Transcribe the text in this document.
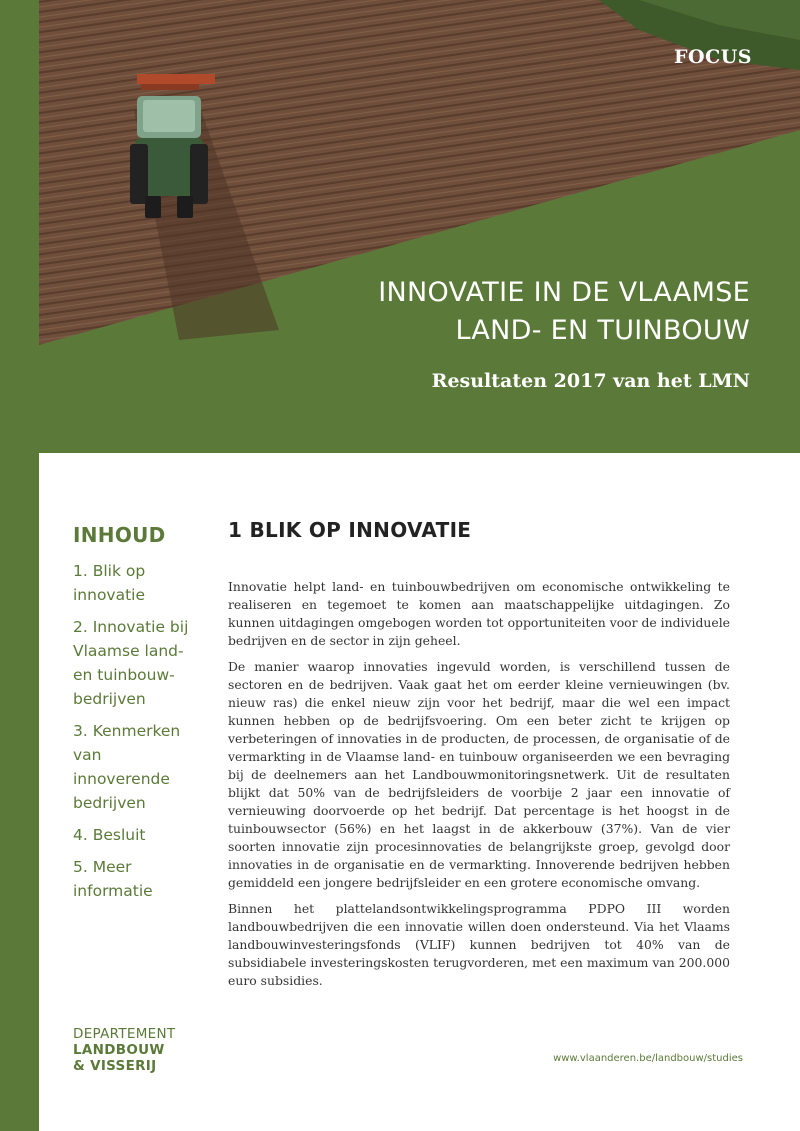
FOCUS
INNOVATIE IN DE VLAAMSE
LAND- EN TUINBOUW
Resultaten 2017 van het LMN
INHOUD
1. Blik op innovatie
2. Innovatie bij Vlaamse land- en tuinbouw-bedrijven
3. Kenmerken van innoverende bedrijven
4. Besluit
5. Meer informatie
1 BLIK OP INNOVATIE

Innovatie helpt land- en tuinbouwbedrijven om economische ontwikkeling te realiseren en tegemoet te komen aan maatschappelijke uitdagingen. Zo kunnen uitdagingen omgebogen worden tot opportuniteiten voor de individuele bedrijven en de sector in zijn geheel.

De manier waarop innovaties ingevuld worden, is verschillend tussen de sectoren en de bedrijven. Vaak gaat het om eerder kleine vernieuwingen (bv. nieuw ras) die enkel nieuw zijn voor het bedrijf, maar die wel een impact kunnen hebben op de bedrijfsvoering. Om een beter zicht te krijgen op verbeteringen of innovaties in de producten, de processen, de organisatie of de vermarkting in de Vlaamse land- en tuinbouw organiseerden we een bevraging bij de deelnemers aan het Landbouwmonitoringsnetwerk. Uit de resultaten blijkt dat 50% van de bedrijfsleiders de voorbije 2 jaar een innovatie of vernieuwing doorvoerde op het bedrijf. Dat percentage is het hoogst in de tuinbouwsector (56%) en het laagst in de akkerbouw (37%). Van de vier soorten innovatie zijn procesinnovaties de belangrijkste groep, gevolgd door innovaties in de organisatie en de vermarkting. Innoverende bedrijven hebben gemiddeld een jongere bedrijfsleider en een grotere economische omvang.

Binnen het plattelandsontwikkelingsprogramma PDPO III worden landbouwbedrijven die een innovatie willen doen ondersteund. Via het Vlaams landbouwinvesteringsfonds (VLIF) kunnen bedrijven tot 40% van de subsidiabele investeringskosten terugvorderen, met een maximum van 200.000 euro subsidies.

DEPARTEMENT
LANDBOUW
& VISSERIJ	www.vlaanderen.be/landbouw/studies
